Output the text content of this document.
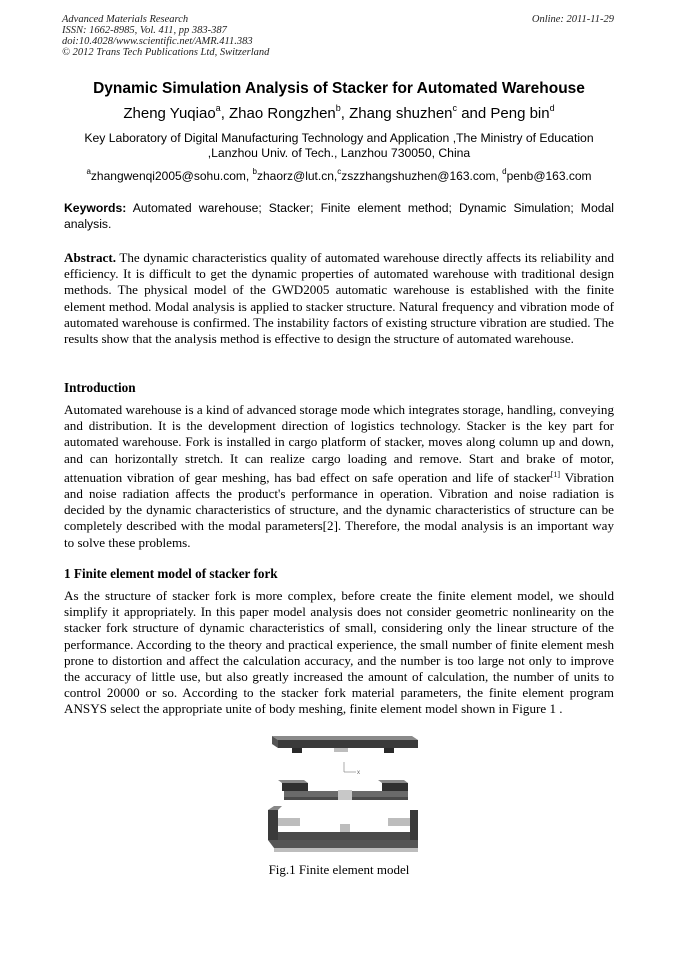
Advanced Materials Research
ISSN: 1662-8985, Vol. 411, pp 383-387
doi:10.4028/www.scientific.net/AMR.411.383
© 2012 Trans Tech Publications Ltd, Switzerland
Online: 2011-11-29
Dynamic Simulation Analysis of Stacker for Automated Warehouse
Zheng Yuqiao$^a$, Zhao Rongzhen$^b$, Zhang shuzhen$^c$ and Peng bin$^d$
Key Laboratory of Digital Manufacturing Technology and Application ,The Ministry of Education
,Lanzhou Univ. of Tech., Lanzhou 730050, China
$^a$zhangwenqi2005@sohu.com, $^b$zhaorz@lut.cn,$^c$zszzhangshuzhen@163.com, $^d$penb@163.com
Keywords: Automated warehouse; Stacker; Finite element method; Dynamic Simulation; Modal analysis.
Abstract. The dynamic characteristics quality of automated warehouse directly affects its reliability and efficiency. It is difficult to get the dynamic properties of automated warehouse with traditional design methods. The physical model of the GWD2005 automatic warehouse is established with the finite element method. Modal analysis is applied to stacker structure. Natural frequency and vibration mode of automated warehouse is confirmed. The instability factors of existing structure vibration are studied. The results show that the analysis method is effective to design the structure of automated warehouse.
Introduction
Automated warehouse is a kind of advanced storage mode which integrates storage, handling, conveying and distribution. It is the development direction of logistics technology. Stacker is the key part for automated warehouse. Fork is installed in cargo platform of stacker, moves along column up and down, and can horizontally stretch. It can realize cargo loading and remove. Start and brake of motor, attenuation vibration of gear meshing, has bad effect on safe operation and life of stacker[1] Vibration and noise radiation affects the product's performance in operation. Vibration and noise radiation is decided by the dynamic characteristics of structure, and the dynamic characteristics of structure can be completely described with the modal parameters[2]. Therefore, the modal analysis is an important way to solve these problems.
1 Finite element model of stacker fork
As the structure of stacker fork is more complex, before create the finite element model, we should simplify it appropriately. In this paper model analysis does not consider geometric nonlinearity on the stacker fork structure of dynamic characteristics of small, considering only the linear structure of the performance. According to the theory and practical experience, the small number of finite element mesh prone to distortion and affect the calculation accuracy, and the number is too large not only to improve the accuracy of little use, but also greatly increased the amount of calculation, the number of units to control 20000 or so. According to the stacker fork material parameters, the finite element program ANSYS select the appropriate unite of body meshing, finite element model shown in Figure 1 .
x
Fig.1 Finite element model
